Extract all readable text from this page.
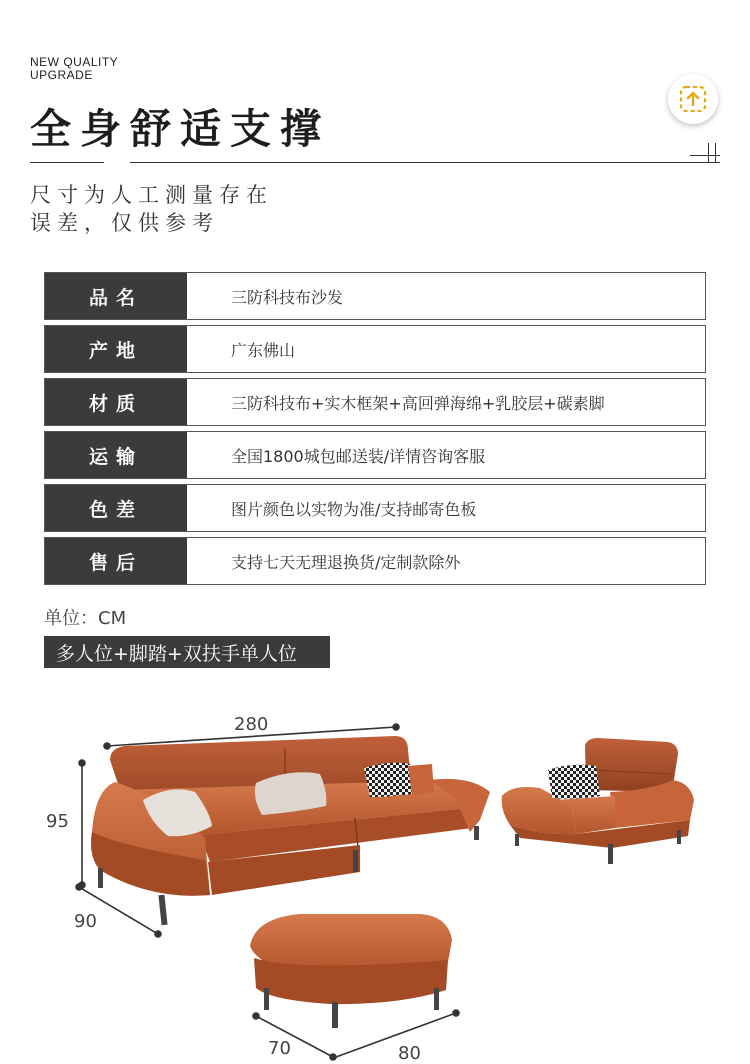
NEW QUALITY
UPGRADE
全身舒适支撑
尺寸为人工测量存在
误差，仅供参考
品名	三防科技布沙发
产地	广东佛山
材质	三防科技布+实木框架+高回弹海绵+乳胶层+碳素脚
运输	全国1800城包邮送装/详情咨询客服
色差	图片颜色以实物为准/支持邮寄色板
售后	支持七天无理退换货/定制款除外
单位：CM
多人位+脚踏+双扶手单人位
280
95
90
70	80
